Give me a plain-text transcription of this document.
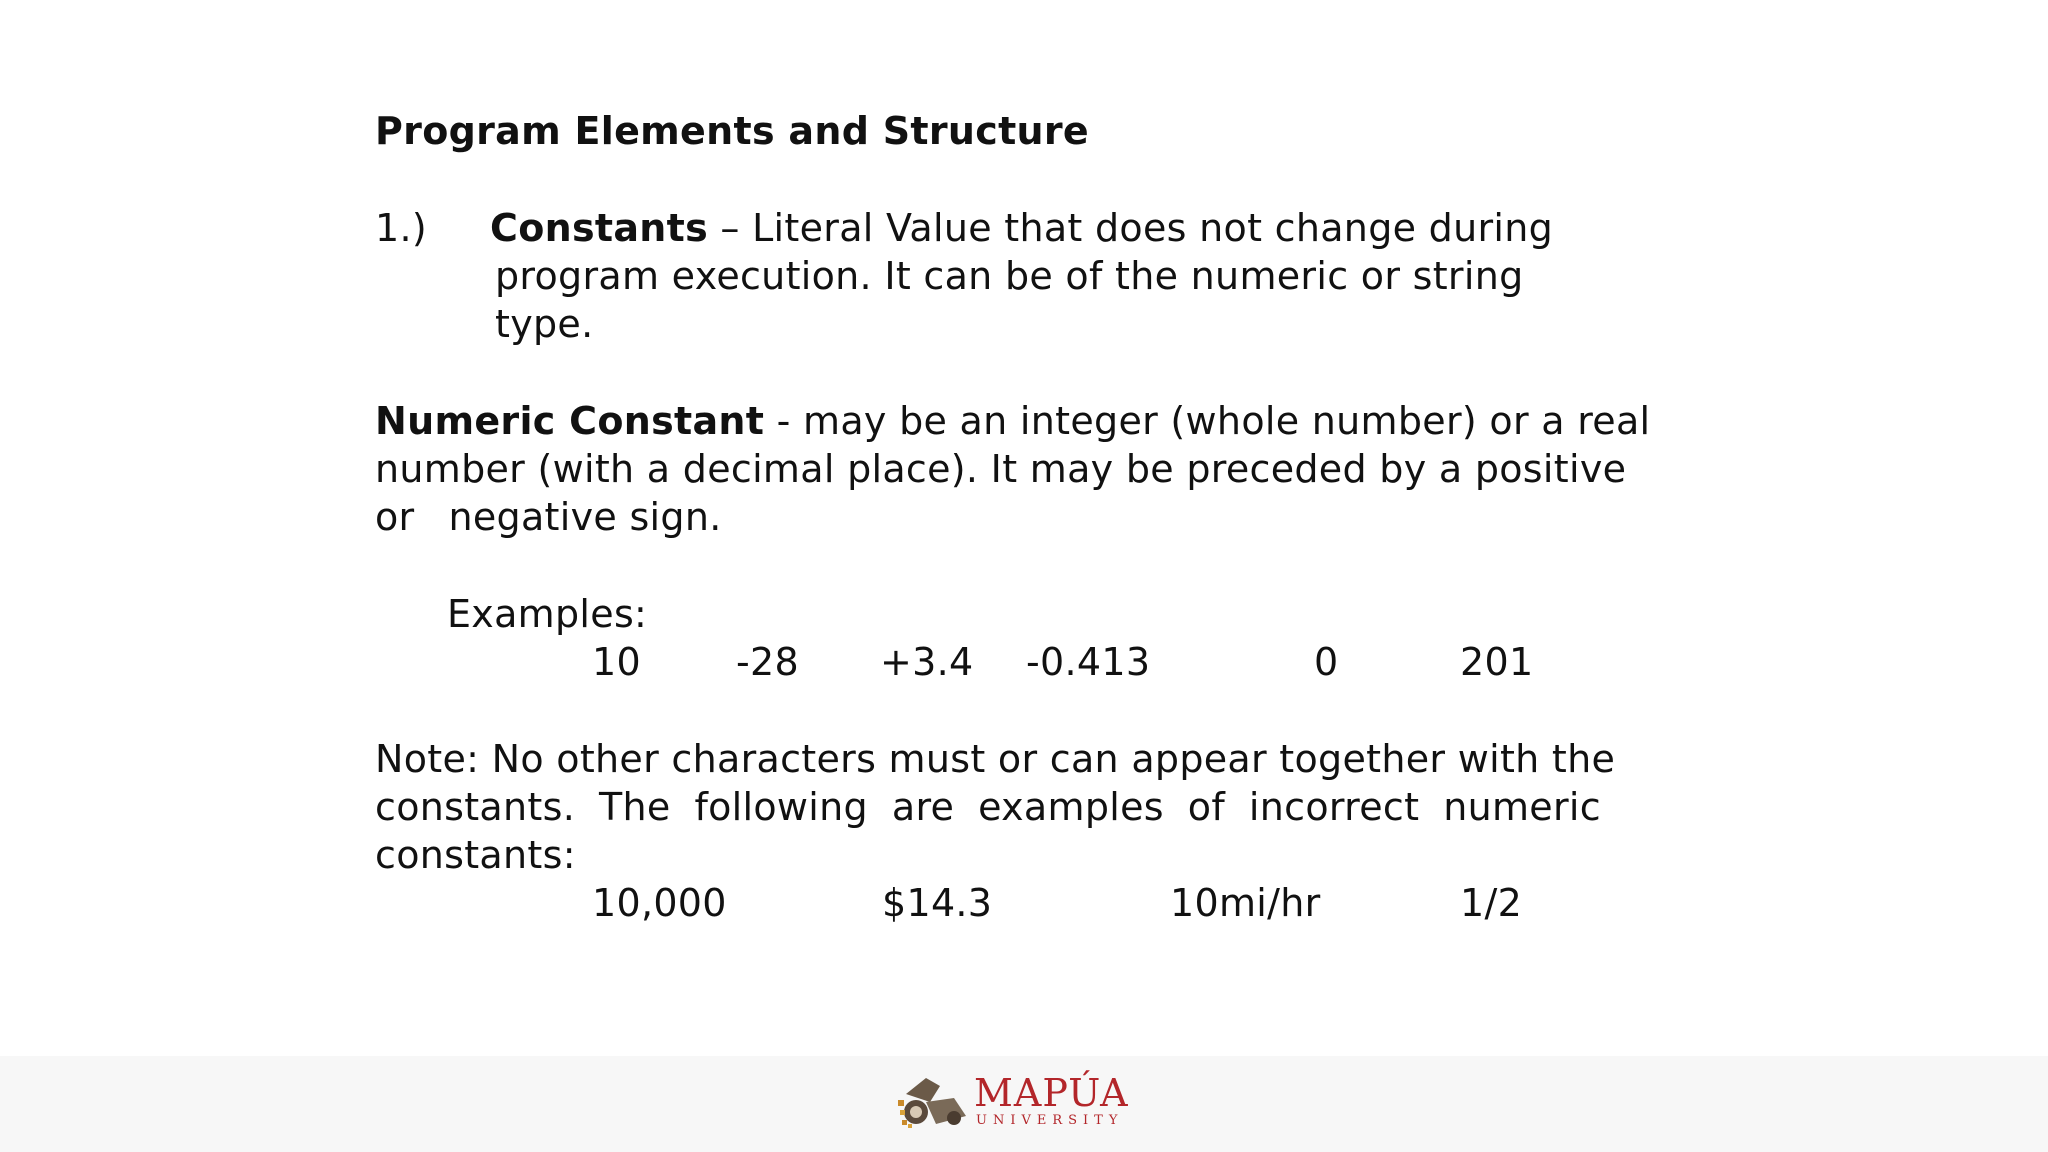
Program Elements and Structure
1.) Constants – Literal Value that does not change during
program execution. It can be of the numeric or string
type.
Numeric Constant - may be an integer (whole number) or a real
number (with a decimal place). It may be preceded by a positive
or negative sign.
Examples:
10	-28 +3.4 -0.413	0	201
Note: No other characters must or can appear together with the
constants. The following are examples of incorrect numeric
constants:
10,000	$14.3	10mi/hr	1/2
MAPÚA
UNIVERSITY
